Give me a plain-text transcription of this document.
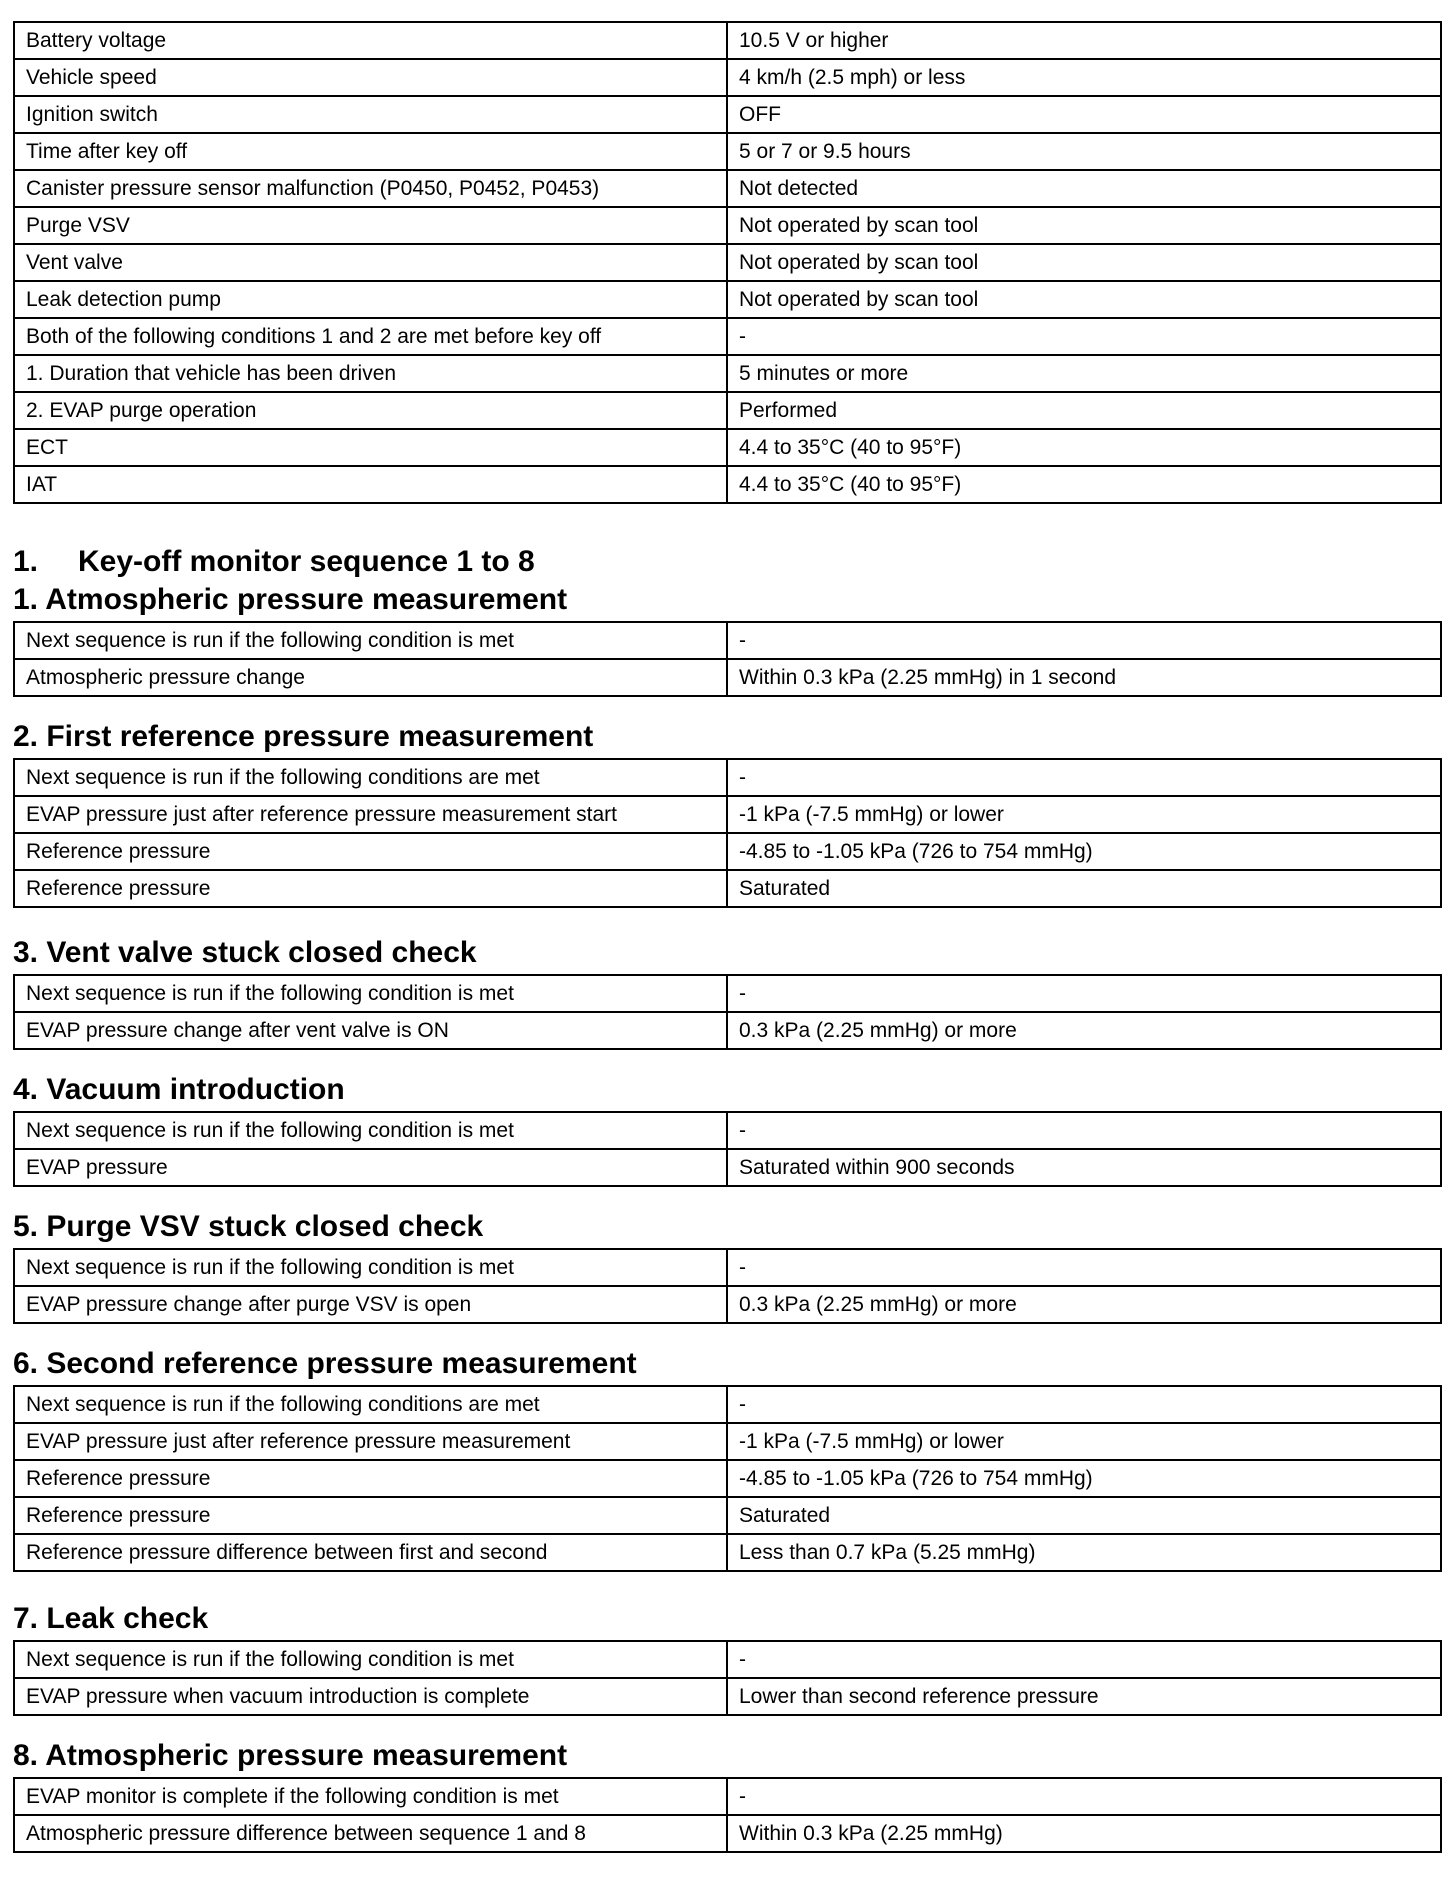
Battery voltage	10.5 V or higher
Vehicle speed	4 km/h (2.5 mph) or less
Ignition switch	OFF
Time after key off	5 or 7 or 9.5 hours
Canister pressure sensor malfunction (P0450, P0452, P0453)	Not detected
Purge VSV	Not operated by scan tool
Vent valve	Not operated by scan tool
Leak detection pump	Not operated by scan tool
Both of the following conditions 1 and 2 are met before key off	-
1. Duration that vehicle has been driven	5 minutes or more
2. EVAP purge operation	Performed
ECT	4.4 to 35°C (40 to 95°F)
IAT	4.4 to 35°C (40 to 95°F)
1. Key-off monitor sequence 1 to 8
1. Atmospheric pressure measurement
Next sequence is run if the following condition is met	-
Atmospheric pressure change	Within 0.3 kPa (2.25 mmHg) in 1 second
2. First reference pressure measurement
Next sequence is run if the following conditions are met	-
EVAP pressure just after reference pressure measurement start	-1 kPa (-7.5 mmHg) or lower
Reference pressure	-4.85 to -1.05 kPa (726 to 754 mmHg)
Reference pressure	Saturated
3. Vent valve stuck closed check
Next sequence is run if the following condition is met	-
EVAP pressure change after vent valve is ON	0.3 kPa (2.25 mmHg) or more
4. Vacuum introduction
Next sequence is run if the following condition is met	-
EVAP pressure	Saturated within 900 seconds
5. Purge VSV stuck closed check
Next sequence is run if the following condition is met	-
EVAP pressure change after purge VSV is open	0.3 kPa (2.25 mmHg) or more
6. Second reference pressure measurement
Next sequence is run if the following conditions are met	-
EVAP pressure just after reference pressure measurement	-1 kPa (-7.5 mmHg) or lower
Reference pressure	-4.85 to -1.05 kPa (726 to 754 mmHg)
Reference pressure	Saturated
Reference pressure difference between first and second	Less than 0.7 kPa (5.25 mmHg)
7. Leak check
Next sequence is run if the following condition is met	-
EVAP pressure when vacuum introduction is complete	Lower than second reference pressure
8. Atmospheric pressure measurement
EVAP monitor is complete if the following condition is met	-
Atmospheric pressure difference between sequence 1 and 8	Within 0.3 kPa (2.25 mmHg)
